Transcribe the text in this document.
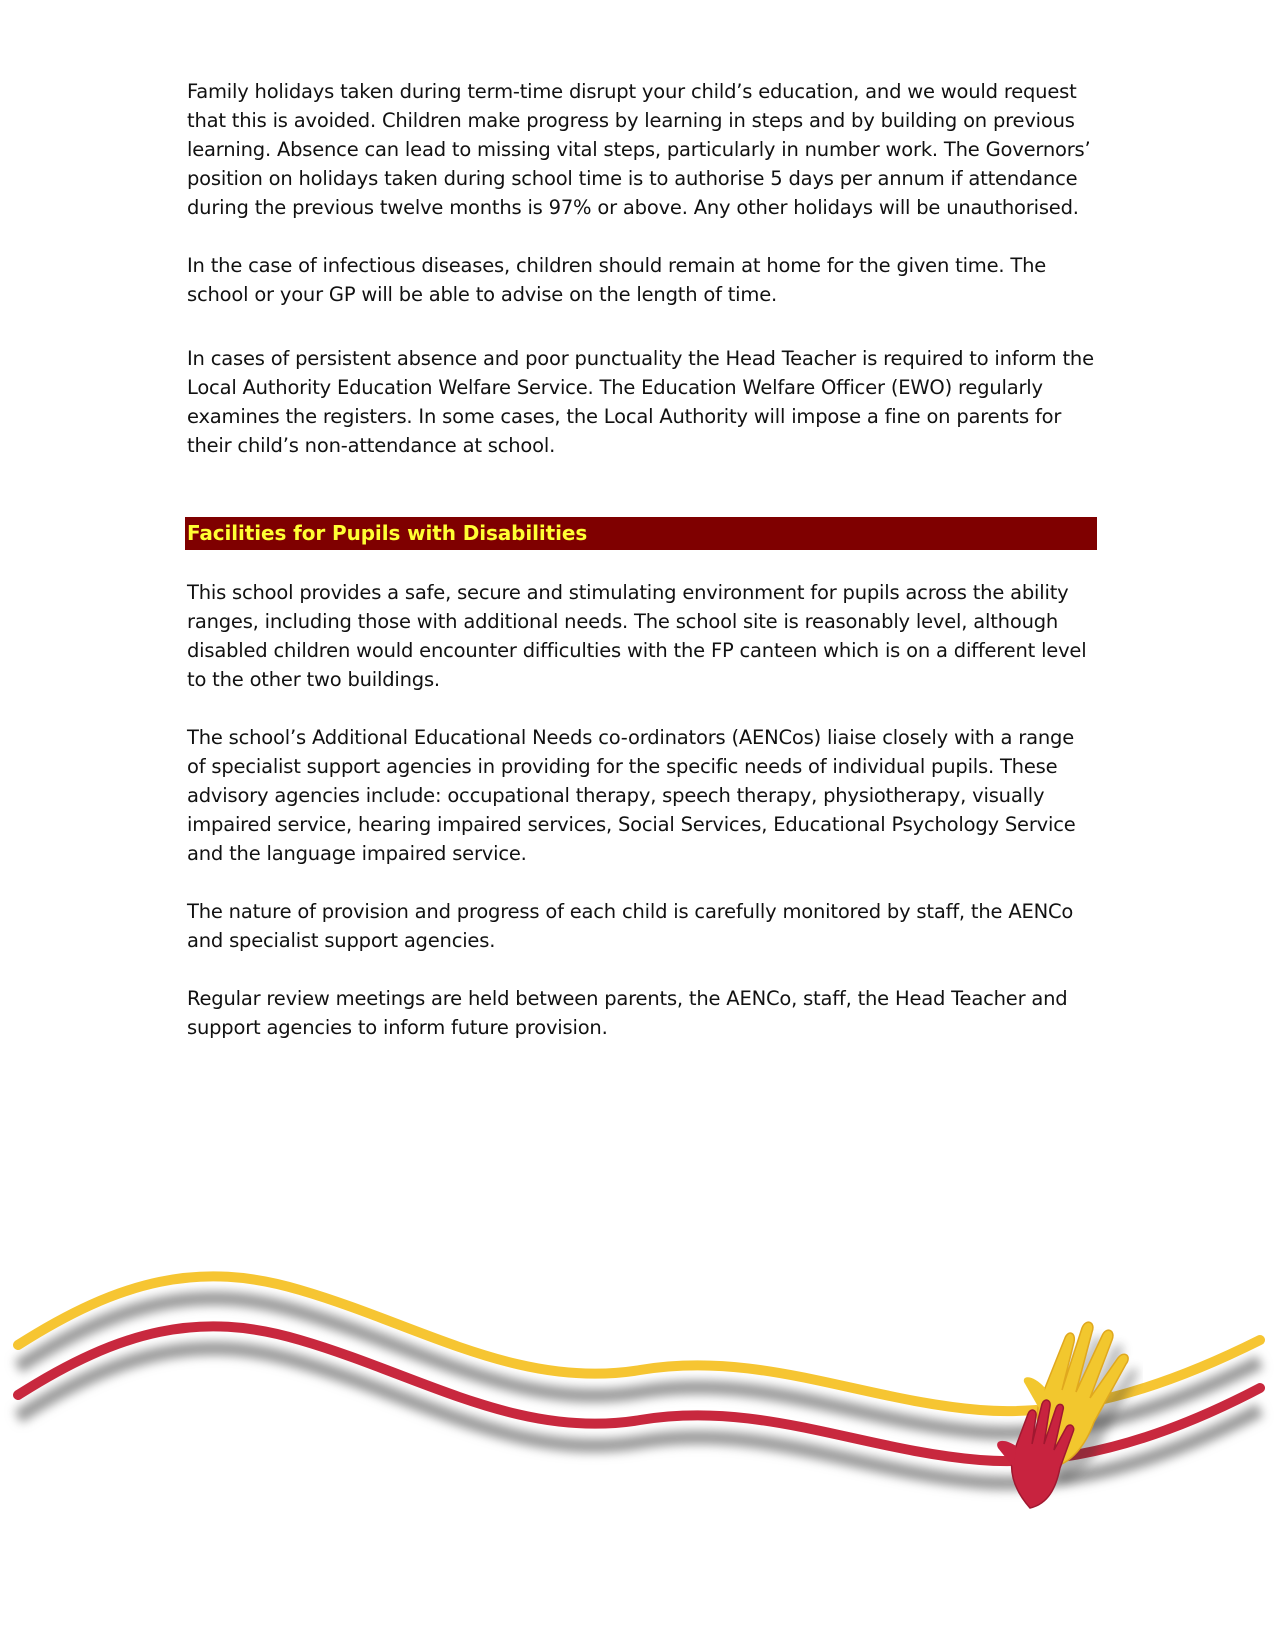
Family holidays taken during term-time disrupt your child’s education, and we would request that this is avoided. Children make progress by learning in steps and by building on previous learning. Absence can lead to missing vital steps, particularly in number work. The Governors’ position on holidays taken during school time is to authorise 5 days per annum if attendance during the previous twelve months is 97% or above. Any other holidays will be unauthorised.

In the case of infectious diseases, children should remain at home for the given time. The school or your GP will be able to advise on the length of time.

In cases of persistent absence and poor punctuality the Head Teacher is required to inform the Local Authority Education Welfare Service. The Education Welfare Officer (EWO) regularly examines the registers. In some cases, the Local Authority will impose a fine on parents for their child’s non-attendance at school.

Facilities for Pupils with Disabilities

This school provides a safe, secure and stimulating environment for pupils across the ability ranges, including those with additional needs. The school site is reasonably level, although disabled children would encounter difficulties with the FP canteen which is on a different level to the other two buildings.

The school’s Additional Educational Needs co-ordinators (AENCos) liaise closely with a range of specialist support agencies in providing for the specific needs of individual pupils. These advisory agencies include: occupational therapy, speech therapy, physiotherapy, visually impaired service, hearing impaired services, Social Services, Educational Psychology Service and the language impaired service.

The nature of provision and progress of each child is carefully monitored by staff, the AENCo and specialist support agencies.

Regular review meetings are held between parents, the AENCo, staff, the Head Teacher and support agencies to inform future provision.
